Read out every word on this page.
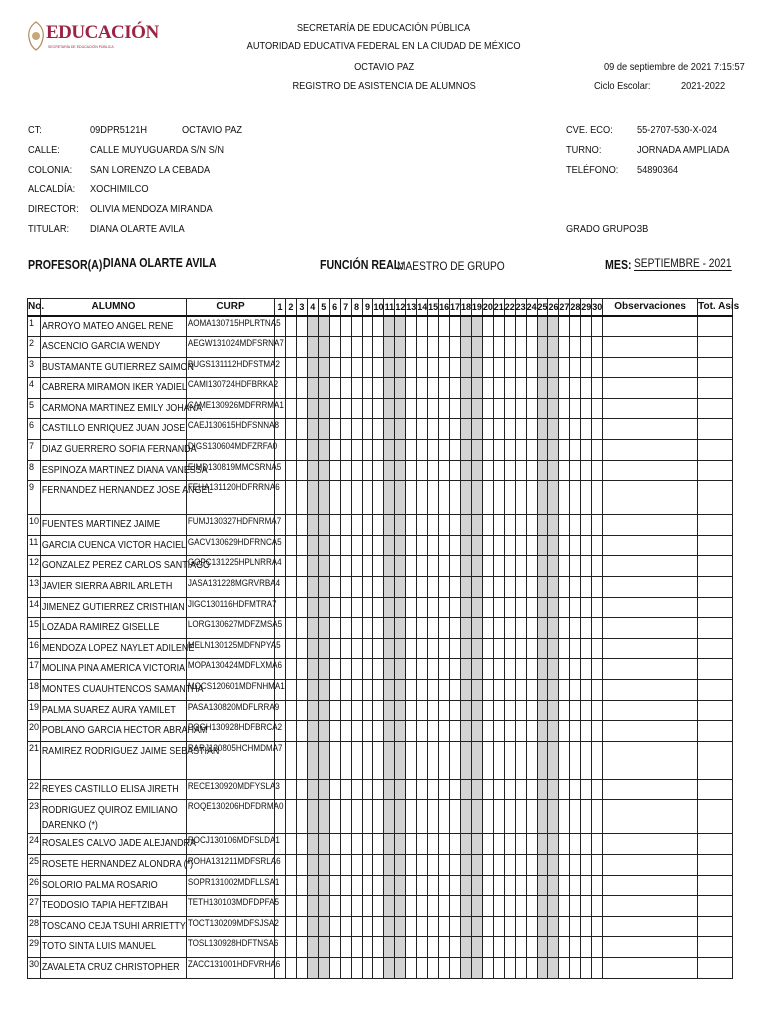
EDUCACIÓN
SECRETARÍA DE EDUCACIÓN PÚBLICA
SECRETARÍA DE EDUCACIÓN PÚBLICA
AUTORIDAD EDUCATIVA FEDERAL EN LA CIUDAD DE MÉXICO
OCTAVIO PAZ
REGISTRO DE ASISTENCIA DE ALUMNOS
09 de septiembre de 2021 7:15:57
Ciclo Escolar:	2021-2022
CT:	09DPR5121H	OCTAVIO PAZ
CALLE:	CALLE MUYUGUARDA S/N S/N
COLONIA: SAN LORENZO LA CEBADA
ALCALDÍA: XOCHIMILCO
DIRECTOR: OLIVIA MENDOZA MIRANDA
TITULAR: DIANA OLARTE AVILA
CVE. ECO: 55-2707-530-X-024
TURNO:	JORNADA AMPLIADA
TELÉFONO: 54890364
GRADO GRUPO:
3B
PROFESOR(A):
DIANA OLARTE AVILA	FUNCIÓN REAL:
MAESTRO DE GRUPO	MES: SEPTIEMBRE - 2021
No.	ALUMNO	CURP	1	2	3	4	5	6	7	8	9	10	11	12	13	14	15	16	17	18	19	20	21	22	23	24	25	26	27	28	29	30	Observaciones	Tot. Asis
1	ARROYO MATEO ANGEL RENE	AOMA130715HPLRTNA5																																

2	ASCENCIO GARCIA WENDY	AEGW131024MDFSRNA7																																

3	BUSTAMANTE GUTIERREZ SAIMON	BUGS131112HDFSTMA2																																

4	CABRERA MIRAMON IKER YADIEL	CAMI130724HDFBRKA2																																

5	CARMONA MARTINEZ EMILY JOHANA	CAME130926MDFRRMA1																																

6	CASTILLO ENRIQUEZ JUAN JOSE	CAEJ130615HDFSNNA8																																

7	DIAZ GUERRERO SOFIA FERNANDA	DIGS130604MDFZRFA0																																

8	ESPINOZA MARTINEZ DIANA VANESSA	EIMD130819MMCSRNA5																																

9	FERNANDEZ HERNANDEZ JOSE ANGEL	FEHA131120HDFRRNA6																																

10	FUENTES MARTINEZ JAIME	FUMJ130327HDFNRMA7																																

11	GARCIA CUENCA VICTOR HACIEL	GACV130629HDFRNCA5																																

12	GONZALEZ PEREZ CARLOS SANTIAGO	GOPC131225HPLNRRA4																																

13	JAVIER SIERRA ABRIL ARLETH	JASA131228MGRVRBA4																																

14	JIMENEZ GUTIERREZ CRISTHIAN	JIGC130116HDFMTRA7																																

15	LOZADA RAMIREZ GISELLE	LORG130627MDFZMSA5																																

16	MENDOZA LOPEZ NAYLET ADILENE	MELN130125MDFNPYA5																																

17	MOLINA PINA AMERICA VICTORIA	MOPA130424MDFLXMA6																																

18	MONTES CUAUHTENCOS SAMANTHA	MOCS120601MDFNHMA1																																

19	PALMA SUAREZ AURA YAMILET	PASA130820MDFLRRA9																																

20	POBLANO GARCIA HECTOR ABRAHAM	POGH130928HDFBRCA2																																

21	RAMIREZ RODRIGUEZ JAIME SEBASTIAN	RARJ130805HCHMDMA7																																

22	REYES CASTILLO ELISA JIRETH	RECE130920MDFYSLA3																																

23	RODRIGUEZ QUIROZ EMILIANO DARENKO (*)	ROQE130206HDFDRMA0																																

24	ROSALES CALVO JADE ALEJANDRA	ROCJ130106MDFSLDA1																																

25	ROSETE HERNANDEZ ALONDRA (*)	ROHA131211MDFSRLA6																																

26	SOLORIO PALMA ROSARIO	SOPR131002MDFLLSA1																																

27	TEODOSIO TAPIA HEFTZIBAH	TETH130103MDFDPFA5																																

28	TOSCANO CEJA TSUHI ARRIETTY	TOCT130209MDFSJSA2																																

29	TOTO SINTA LUIS MANUEL	TOSL130928HDFTNSA6																																

30	ZAVALETA CRUZ CHRISTOPHER	ZACC131001HDFVRHA6																																
